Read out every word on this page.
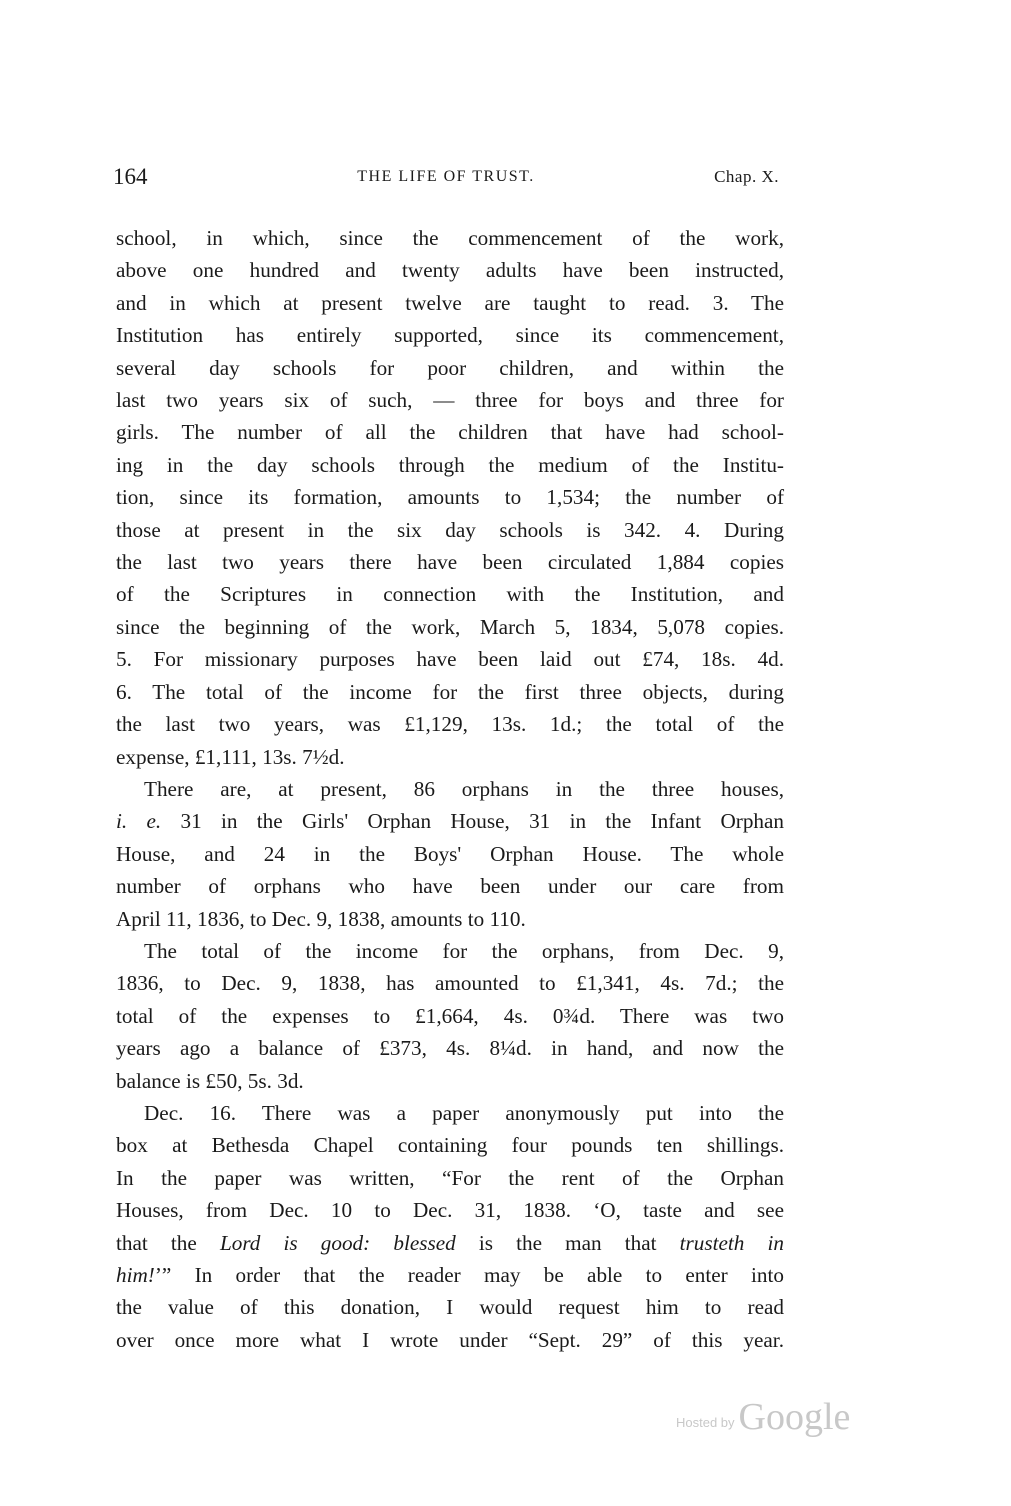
164	THE LIFE OF TRUST.	Chap. X.

school, in which, since the commencement of the work,
above one hundred and twenty adults have been instructed,
and in which at present twelve are taught to read. 3. The
Institution has entirely supported, since its commencement,
several day schools for poor children, and within the
last two years six of such, — three for boys and three for
girls. The number of all the children that have had school-
ing in the day schools through the medium of the Institu-
tion, since its formation, amounts to 1,534; the number of
those at present in the six day schools is 342. 4. During
the last two years there have been circulated 1,884 copies
of the Scriptures in connection with the Institution, and
since the beginning of the work, March 5, 1834, 5,078 copies.
5. For missionary purposes have been laid out £74, 18s. 4d.
6. The total of the income for the first three objects, during
the last two years, was £1,129, 13s. 1d.; the total of the
expense, £1,111, 13s. 7½d.

There are, at present, 86 orphans in the three houses,
i. e. 31 in the Girls' Orphan House, 31 in the Infant Orphan
House, and 24 in the Boys' Orphan House. The whole
number of orphans who have been under our care from
April 11, 1836, to Dec. 9, 1838, amounts to 110.

The total of the income for the orphans, from Dec. 9,
1836, to Dec. 9, 1838, has amounted to £1,341, 4s. 7d.; the
total of the expenses to £1,664, 4s. 0¾d. There was two
years ago a balance of £373, 4s. 8¼d. in hand, and now the
balance is £50, 5s. 3d.

Dec. 16. There was a paper anonymously put into the
box at Bethesda Chapel containing four pounds ten shillings.
In the paper was written, “For the rent of the Orphan
Houses, from Dec. 10 to Dec. 31, 1838. ‘O, taste and see
that the Lord is good: blessed is the man that trusteth in
him!’” In order that the reader may be able to enter into
the value of this donation, I would request him to read
over once more what I wrote under “Sept. 29” of this year.

Hosted by Google
